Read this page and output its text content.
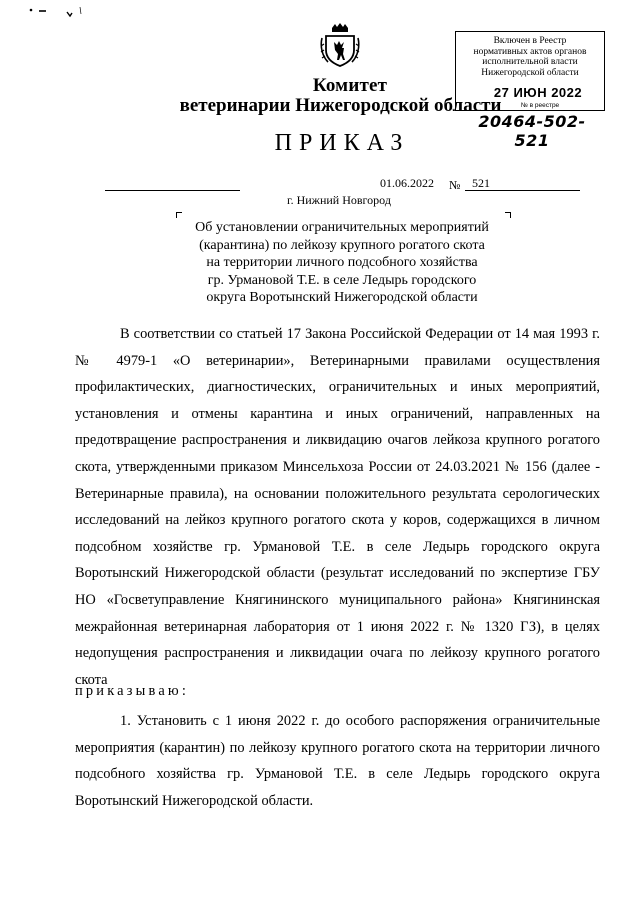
Комитет
ветеринарии Нижегородской области
ПРИКАЗ
Включен в Реестр
нормативных актов органов
исполнительной власти
Нижегородской области
27 ИЮН 2022
№ в реестре
20464-502-521
01.06.2022 № 521
г. Нижний Новгород
Об установлении ограничительных мероприятий
(карантина) по лейкозу крупного рогатого скота
на территории личного подсобного хозяйства
гр. Урмановой Т.Е. в селе Ледырь городского
округа Воротынский Нижегородской области

В соответствии со статьей 17 Закона Российской Федерации от 14 мая 1993 г. № 4979-1 «О ветеринарии», Ветеринарными правилами осуществления профилактических, диагностических, ограничительных и иных мероприятий, установления и отмены карантина и иных ограничений, направленных на предотвращение распространения и ликвидацию очагов лейкоза крупного рогатого скота, утвержденными приказом Минсельхоза России от 24.03.2021 № 156 (далее - Ветеринарные правила), на основании положительного результата серологических исследований на лейкоз крупного рогатого скота у коров, содержащихся в личном подсобном хозяйстве гр. Урмановой Т.Е. в селе Ледырь городского округа Воротынский Нижегородской области (результат исследований по экспертизе ГБУ НО «Госветуправление Княгининского муниципального района» Княгининская межрайонная ветеринарная лаборатория от 1 июня 2022 г. № 1320 ГЗ), в целях недопущения распространения и ликвидации очага по лейкозу крупного рогатого скота

приказываю:

1. Установить с 1 июня 2022 г. до особого распоряжения ограничительные мероприятия (карантин) по лейкозу крупного рогатого скота на территории личного подсобного хозяйства гр. Урмановой Т.Е. в селе Ледырь городского округа Воротынский Нижегородской области.
